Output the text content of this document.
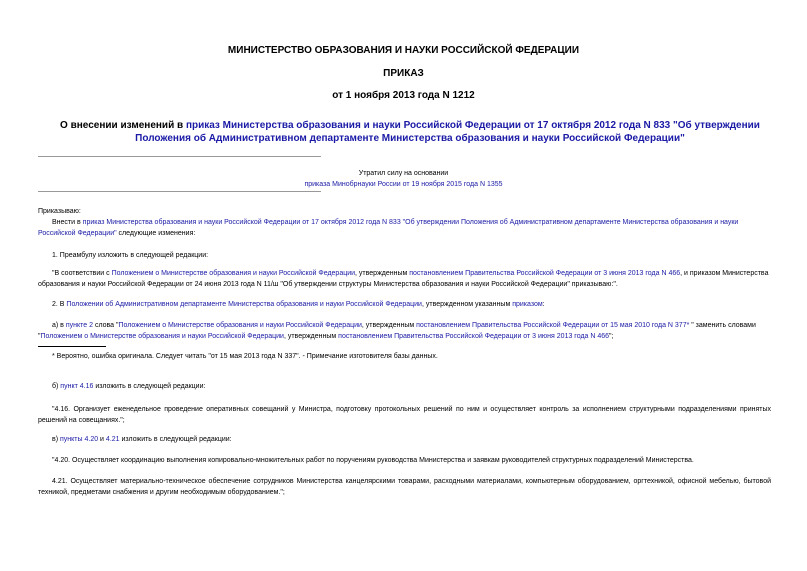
МИНИСТЕРСТВО ОБРАЗОВАНИЯ И НАУКИ РОССИЙСКОЙ ФЕДЕРАЦИИ
ПРИКАЗ
от 1 ноября 2013 года N 1212
О внесении изменений в приказ Министерства образования и науки Российской Федерации от 17 октября 2012 года N 833 "Об утверждении Положения об Административном департаменте Министерства образования и науки Российской Федерации"
Утратил силу на основании
приказа Минобрнауки России от 19 ноября 2015 года N 1355
Приказываю:

Внести в приказ Министерства образования и науки Российской Федерации от 17 октября 2012 года N 833 "Об утверждении Положения об Административном департаменте Министерства образования и науки Российской Федерации" следующие изменения:

1. Преамбулу изложить в следующей редакции:

"В соответствии с Положением о Министерстве образования и науки Российской Федерации, утвержденным постановлением Правительства Российской Федерации от 3 июня 2013 года N 466, и приказом Министерства образования и науки Российской Федерации от 24 июня 2013 года N 11/ш "Об утверждении структуры Министерства образования и науки Российской Федерации" приказываю:".

2. В Положении об Административном департаменте Министерства образования и науки Российской Федерации, утвержденном указанным приказом:

а) в пункте 2 слова "Положением о Министерстве образования и науки Российской Федерации, утвержденным постановлением Правительства Российской Федерации от 15 мая 2010 года N 377* " заменить словами "Положением о Министерстве образования и науки Российской Федерации, утвержденным постановлением Правительства Российской Федерации от 3 июня 2013 года N 466";

* Вероятно, ошибка оригинала. Следует читать "от 15 мая 2013 года N 337". - Примечание изготовителя базы данных.

б) пункт 4.16 изложить в следующей редакции:

"4.16. Организует еженедельное проведение оперативных совещаний у Министра, подготовку протокольных решений по ним и осуществляет контроль за исполнением структурными подразделениями принятых решений на совещаниях.";

в) пункты 4.20 и 4.21 изложить в следующей редакции:

"4.20. Осуществляет координацию выполнения копировально-множительных работ по поручениям руководства Министерства и заявкам руководителей структурных подразделений Министерства.

4.21. Осуществляет материально-техническое обеспечение сотрудников Министерства канцелярскими товарами, расходными материалами, компьютерным оборудованием, оргтехникой, офисной мебелью, бытовой техникой, предметами снабжения и другим необходимым оборудованием.";
